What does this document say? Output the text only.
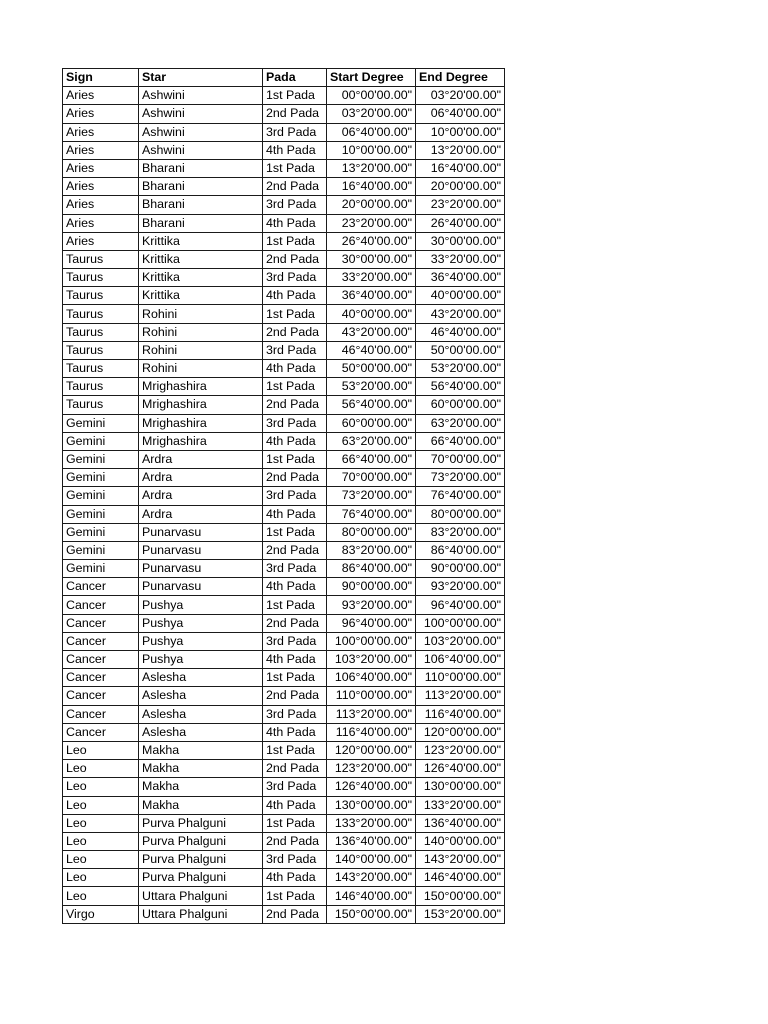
Sign	Star	Pada	Start Degree	End Degree
Aries	Ashwini	1st Pada	00°00'00.00"	03°20'00.00"
Aries	Ashwini	2nd Pada	03°20'00.00"	06°40'00.00"
Aries	Ashwini	3rd Pada	06°40'00.00"	10°00'00.00"
Aries	Ashwini	4th Pada	10°00'00.00"	13°20'00.00"
Aries	Bharani	1st Pada	13°20'00.00"	16°40'00.00"
Aries	Bharani	2nd Pada	16°40'00.00"	20°00'00.00"
Aries	Bharani	3rd Pada	20°00'00.00"	23°20'00.00"
Aries	Bharani	4th Pada	23°20'00.00"	26°40'00.00"
Aries	Krittika	1st Pada	26°40'00.00"	30°00'00.00"
Taurus	Krittika	2nd Pada	30°00'00.00"	33°20'00.00"
Taurus	Krittika	3rd Pada	33°20'00.00"	36°40'00.00"
Taurus	Krittika	4th Pada	36°40'00.00"	40°00'00.00"
Taurus	Rohini	1st Pada	40°00'00.00"	43°20'00.00"
Taurus	Rohini	2nd Pada	43°20'00.00"	46°40'00.00"
Taurus	Rohini	3rd Pada	46°40'00.00"	50°00'00.00"
Taurus	Rohini	4th Pada	50°00'00.00"	53°20'00.00"
Taurus	Mrighashira	1st Pada	53°20'00.00"	56°40'00.00"
Taurus	Mrighashira	2nd Pada	56°40'00.00"	60°00'00.00"
Gemini	Mrighashira	3rd Pada	60°00'00.00"	63°20'00.00"
Gemini	Mrighashira	4th Pada	63°20'00.00"	66°40'00.00"
Gemini	Ardra	1st Pada	66°40'00.00"	70°00'00.00"
Gemini	Ardra	2nd Pada	70°00'00.00"	73°20'00.00"
Gemini	Ardra	3rd Pada	73°20'00.00"	76°40'00.00"
Gemini	Ardra	4th Pada	76°40'00.00"	80°00'00.00"
Gemini	Punarvasu	1st Pada	80°00'00.00"	83°20'00.00"
Gemini	Punarvasu	2nd Pada	83°20'00.00"	86°40'00.00"
Gemini	Punarvasu	3rd Pada	86°40'00.00"	90°00'00.00"
Cancer	Punarvasu	4th Pada	90°00'00.00"	93°20'00.00"
Cancer	Pushya	1st Pada	93°20'00.00"	96°40'00.00"
Cancer	Pushya	2nd Pada	96°40'00.00"	100°00'00.00"
Cancer	Pushya	3rd Pada	100°00'00.00"	103°20'00.00"
Cancer	Pushya	4th Pada	103°20'00.00"	106°40'00.00"
Cancer	Aslesha	1st Pada	106°40'00.00"	110°00'00.00"
Cancer	Aslesha	2nd Pada	110°00'00.00"	113°20'00.00"
Cancer	Aslesha	3rd Pada	113°20'00.00"	116°40'00.00"
Cancer	Aslesha	4th Pada	116°40'00.00"	120°00'00.00"
Leo	Makha	1st Pada	120°00'00.00"	123°20'00.00"
Leo	Makha	2nd Pada	123°20'00.00"	126°40'00.00"
Leo	Makha	3rd Pada	126°40'00.00"	130°00'00.00"
Leo	Makha	4th Pada	130°00'00.00"	133°20'00.00"
Leo	Purva Phalguni	1st Pada	133°20'00.00"	136°40'00.00"
Leo	Purva Phalguni	2nd Pada	136°40'00.00"	140°00'00.00"
Leo	Purva Phalguni	3rd Pada	140°00'00.00"	143°20'00.00"
Leo	Purva Phalguni	4th Pada	143°20'00.00"	146°40'00.00"
Leo	Uttara Phalguni	1st Pada	146°40'00.00"	150°00'00.00"
Virgo	Uttara Phalguni	2nd Pada	150°00'00.00"	153°20'00.00"
